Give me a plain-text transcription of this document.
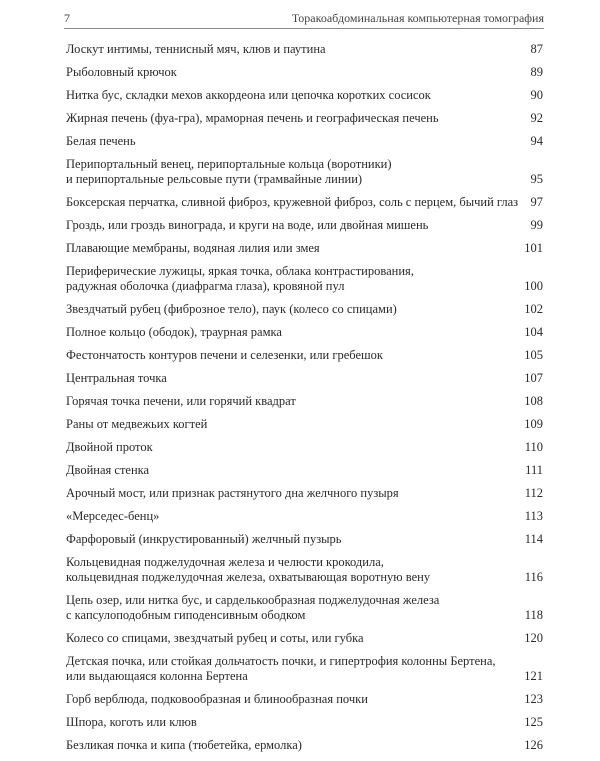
7	Торакоабдоминальная компьютерная томография
Лоскут интимы, теннисный мяч, клюв и паутина	87
Рыболовный крючок	89
Нитка бус, складки мехов аккордеона или цепочка коротких сосисок	90
Жирная печень (фуа-гра), мраморная печень и географическая печень	92
Белая печень	94
Перипортальный венец, перипортальные кольца (воротники)
и перипортальные рельсовые пути (трамвайные линии)	95
Боксерская перчатка, сливной фиброз, кружевной фиброз, соль с перцем, бычий глаз 97
Гроздь, или гроздь винограда, и круги на воде, или двойная мишень	99
Плавающие мембраны, водяная лилия или змея	101
Периферические лужицы, яркая точка, облака контрастирования,
радужная оболочка (диафрагма глаза), кровяной пул	100
Звездчатый рубец (фиброзное тело), паук (колесо со спицами)	102
Полное кольцо (ободок), траурная рамка	104
Фестончатость контуров печени и селезенки, или гребешок	105
Центральная точка	107
Горячая точка печени, или горячий квадрат	108
Раны от медвежьих когтей	109
Двойной проток	110
Двойная стенка	111
Арочный мост, или признак растянутого дна желчного пузыря	112
«Мерседес-бенц»	113
Фарфоровый (инкрустированный) желчный пузырь	114
Кольцевидная поджелудочная железа и челюсти крокодила,
кольцевидная поджелудочная железа, охватывающая воротную вену	116
Цепь озер, или нитка бус, и сарделькообразная поджелудочная железа
с капсулоподобным гиподенсивным ободком	118
Колесо со спицами, звездчатый рубец и соты, или губка	120
Детская почка, или стойкая дольчатость почки, и гипертрофия колонны Бертена,
или выдающаяся колонна Бертена	121
Горб верблюда, подковообразная и блинообразная почки	123
Шпора, коготь или клюв	125
Безликая почка и кипа (тюбетейка, ермолка)	126
